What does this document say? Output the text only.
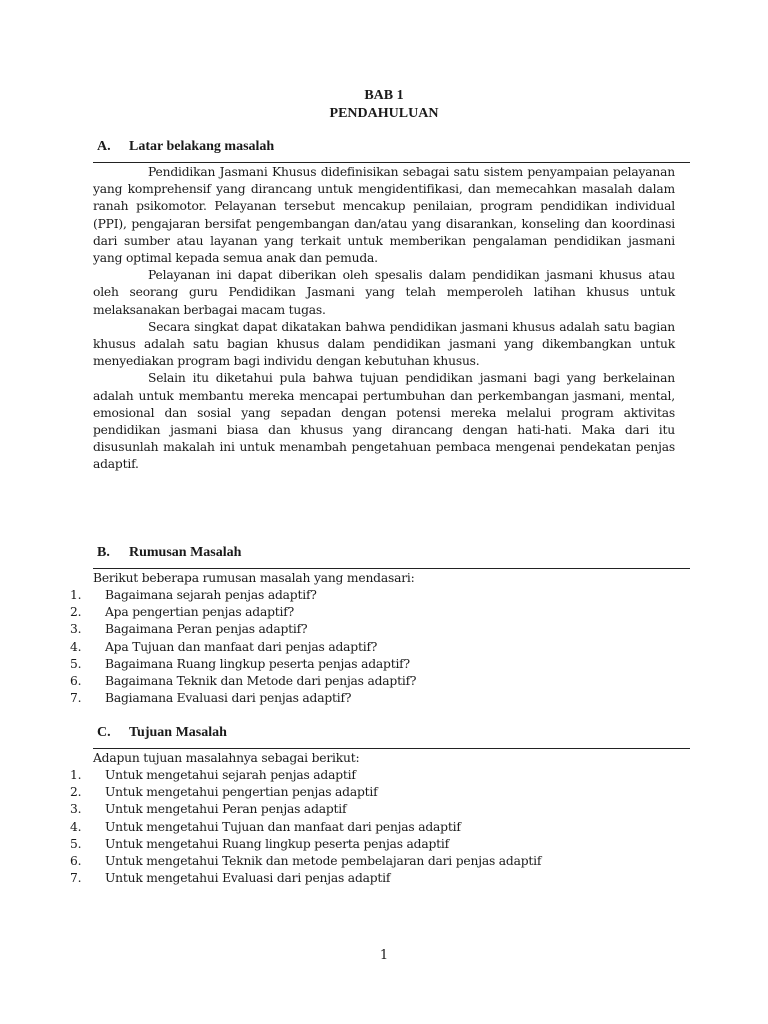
BAB 1
PENDAHULUAN
A. Latar belakang masalah

Pendidikan Jasmani Khusus didefinisikan sebagai satu sistem penyampaian pelayanan yang komprehensif yang dirancang untuk mengidentifikasi, dan memecahkan masalah dalam ranah psikomotor. Pelayanan tersebut mencakup penilaian, program pendidikan individual (PPI), pengajaran bersifat pengembangan dan/atau yang disarankan, konseling dan koordinasi dari sumber atau layanan yang terkait untuk memberikan pengalaman pendidikan jasmani yang optimal kepada semua anak dan pemuda.

Pelayanan ini dapat diberikan oleh spesalis dalam pendidikan jasmani khusus atau oleh seorang guru Pendidikan Jasmani yang telah memperoleh latihan khusus untuk melaksanakan berbagai macam tugas.

Secara singkat dapat dikatakan bahwa pendidikan jasmani khusus adalah satu bagian khusus adalah satu bagian khusus dalam pendidikan jasmani yang dikembangkan untuk menyediakan program bagi individu dengan kebutuhan khusus.

Selain itu diketahui pula bahwa tujuan pendidikan jasmani bagi yang berkelainan adalah untuk membantu mereka mencapai pertumbuhan dan perkembangan jasmani, mental, emosional dan sosial yang sepadan dengan potensi mereka melalui program aktivitas pendidikan jasmani biasa dan khusus yang dirancang dengan hati-hati. Maka dari itu disusunlah makalah ini untuk menambah pengetahuan pembaca mengenai pendekatan penjas adaptif.

B. Rumusan Masalah
Berikut beberapa rumusan masalah yang mendasari:
1.	Bagaimana sejarah penjas adaptif?
2.	Apa pengertian penjas adaptif?
3.	Bagaimana Peran penjas adaptif?
4.	Apa Tujuan dan manfaat dari penjas adaptif?
5.	Bagaimana Ruang lingkup peserta penjas adaptif?
6.	Bagaimana Teknik dan Metode dari penjas adaptif?
7.	Bagiamana Evaluasi dari penjas adaptif?
C. Tujuan Masalah
Adapun tujuan masalahnya sebagai berikut:
1.	Untuk mengetahui sejarah penjas adaptif
2.	Untuk mengetahui pengertian penjas adaptif
3.	Untuk mengetahui Peran penjas adaptif
4.	Untuk mengetahui Tujuan dan manfaat dari penjas adaptif
5.	Untuk mengetahui Ruang lingkup peserta penjas adaptif
6.	Untuk mengetahui Teknik dan metode pembelajaran dari penjas adaptif
7.	Untuk mengetahui Evaluasi dari penjas adaptif
1
